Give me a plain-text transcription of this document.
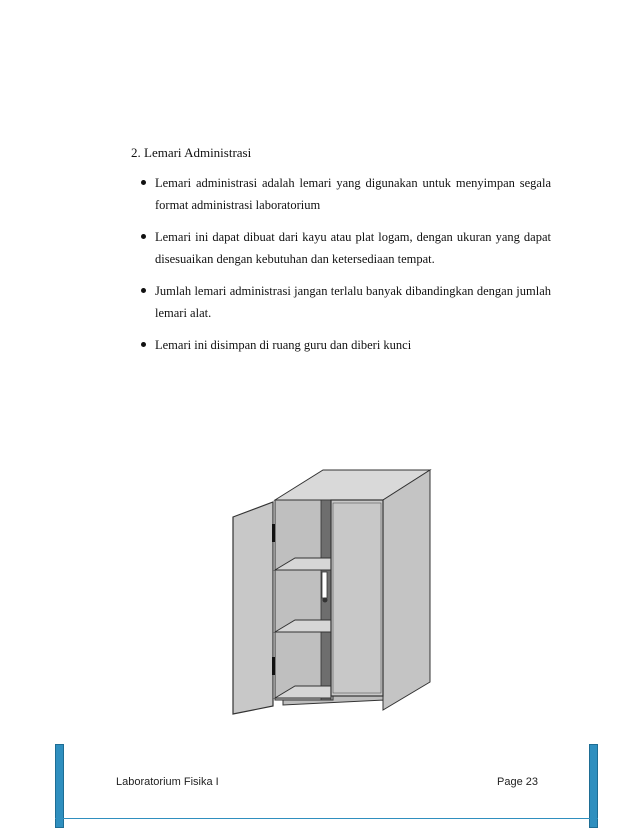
2. Lemari Administrasi
Lemari administrasi adalah lemari yang digunakan untuk menyimpan segala format administrasi laboratorium
Lemari ini dapat dibuat dari kayu atau plat logam, dengan ukuran yang dapat disesuaikan dengan kebutuhan dan ketersediaan tempat.
Jumlah lemari administrasi jangan terlalu banyak dibandingkan dengan jumlah lemari alat.
Lemari ini disimpan di ruang guru dan diberi kunci
Laboratorium Fisika I	Page 23
